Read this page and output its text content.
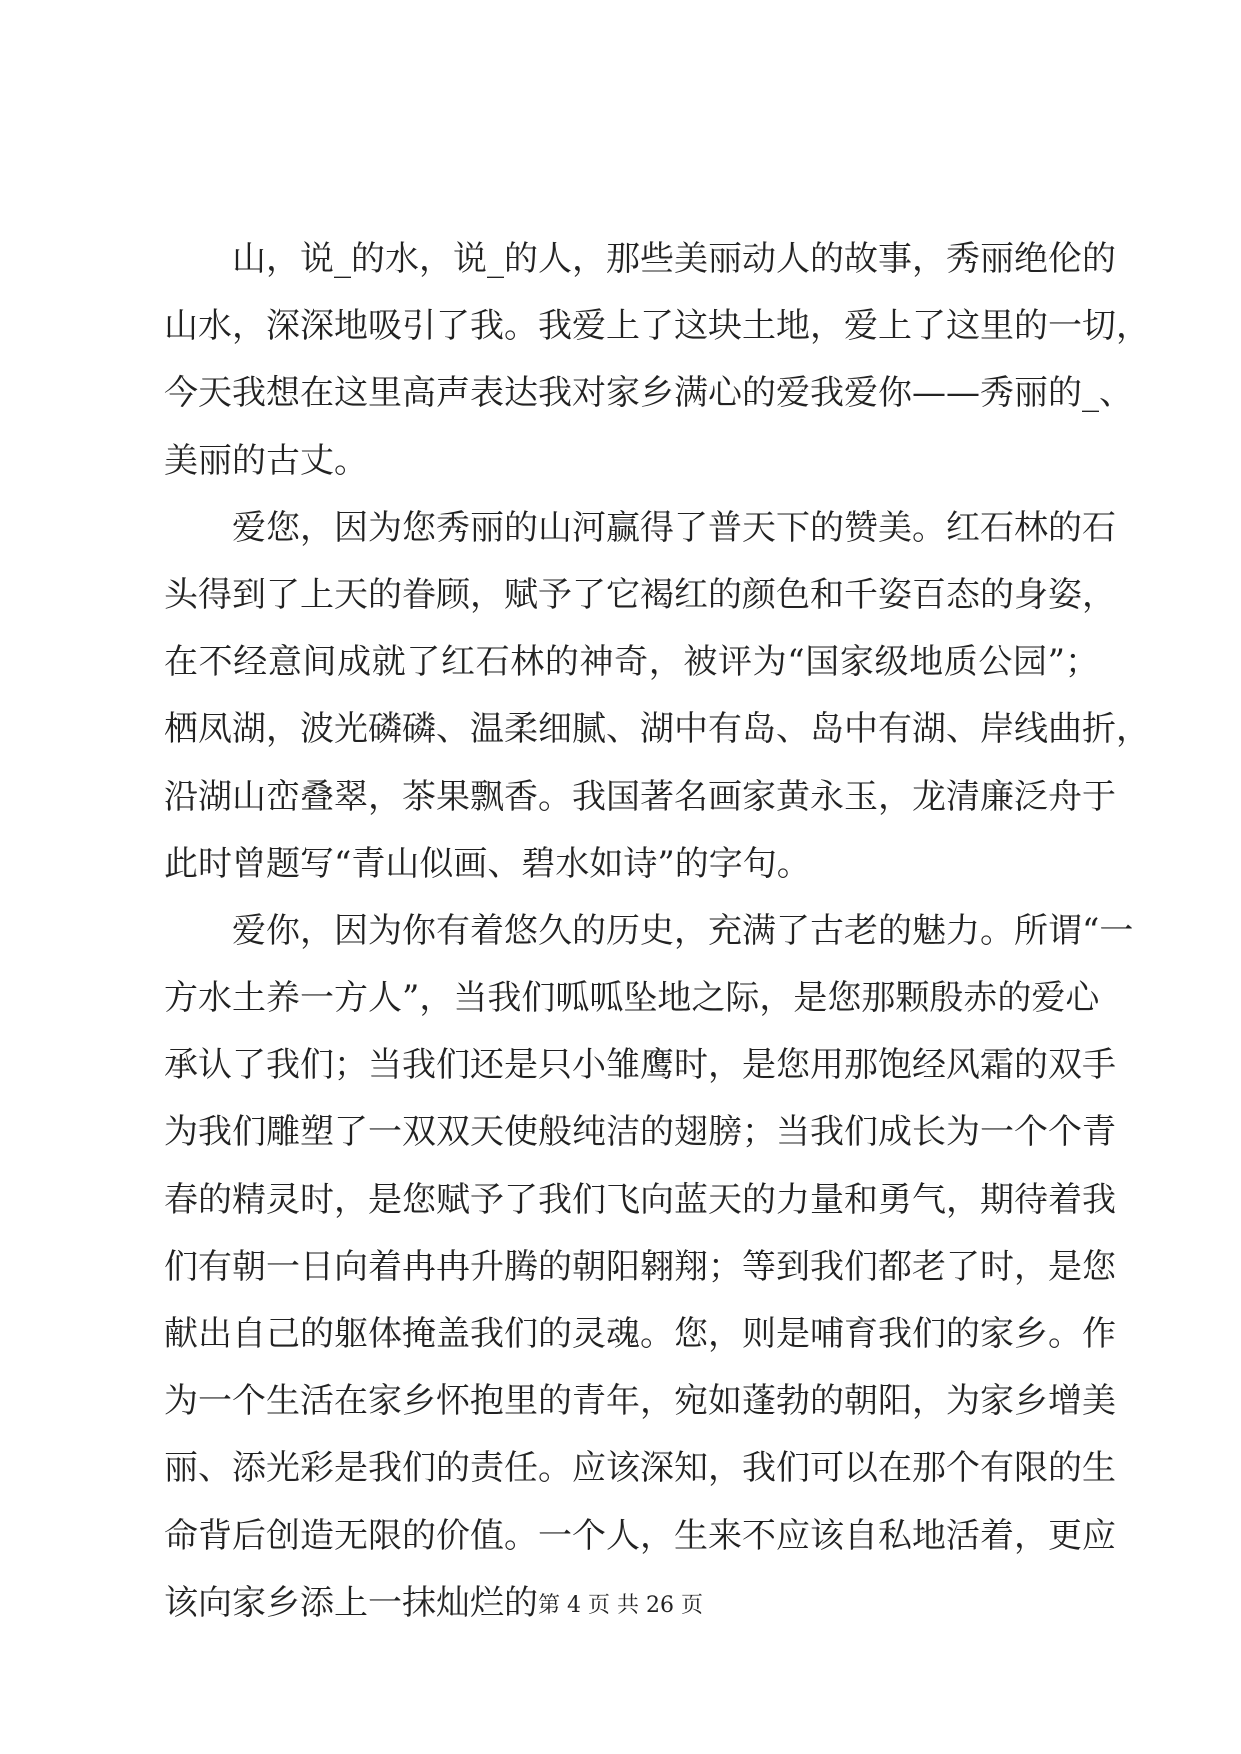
山，说_的水，说_的人，那些美丽动人的故事，秀丽绝伦的
山水，深深地吸引了我。我爱上了这块土地，爱上了这里的一切，
今天我想在这里高声表达我对家乡满心的爱我爱你——秀丽的_、
美丽的古丈。
爱您，因为您秀丽的山河赢得了普天下的赞美。红石林的石
头得到了上天的眷顾，赋予了它褐红的颜色和千姿百态的身姿，
在不经意间成就了红石林的神奇，被评为“国家级地质公园”；
栖凤湖，波光磷磷、温柔细腻、湖中有岛、岛中有湖、岸线曲折，
沿湖山峦叠翠，茶果飘香。我国著名画家黄永玉，龙清廉泛舟于
此时曾题写“青山似画、碧水如诗”的字句。
爱你，因为你有着悠久的历史，充满了古老的魅力。所谓“一
方水土养一方人”，当我们呱呱坠地之际，是您那颗殷赤的爱心
承认了我们；当我们还是只小雏鹰时，是您用那饱经风霜的双手
为我们雕塑了一双双天使般纯洁的翅膀；当我们成长为一个个青
春的精灵时，是您赋予了我们飞向蓝天的力量和勇气，期待着我
们有朝一日向着冉冉升腾的朝阳翱翔；等到我们都老了时，是您
献出自己的躯体掩盖我们的灵魂。您，则是哺育我们的家乡。作
为一个生活在家乡怀抱里的青年，宛如蓬勃的朝阳，为家乡增美
丽、添光彩是我们的责任。应该深知，我们可以在那个有限的生
命背后创造无限的价值。一个人，生来不应该自私地活着，更应
该向家乡添上一抹灿烂的 第 4 页 共 26 页
